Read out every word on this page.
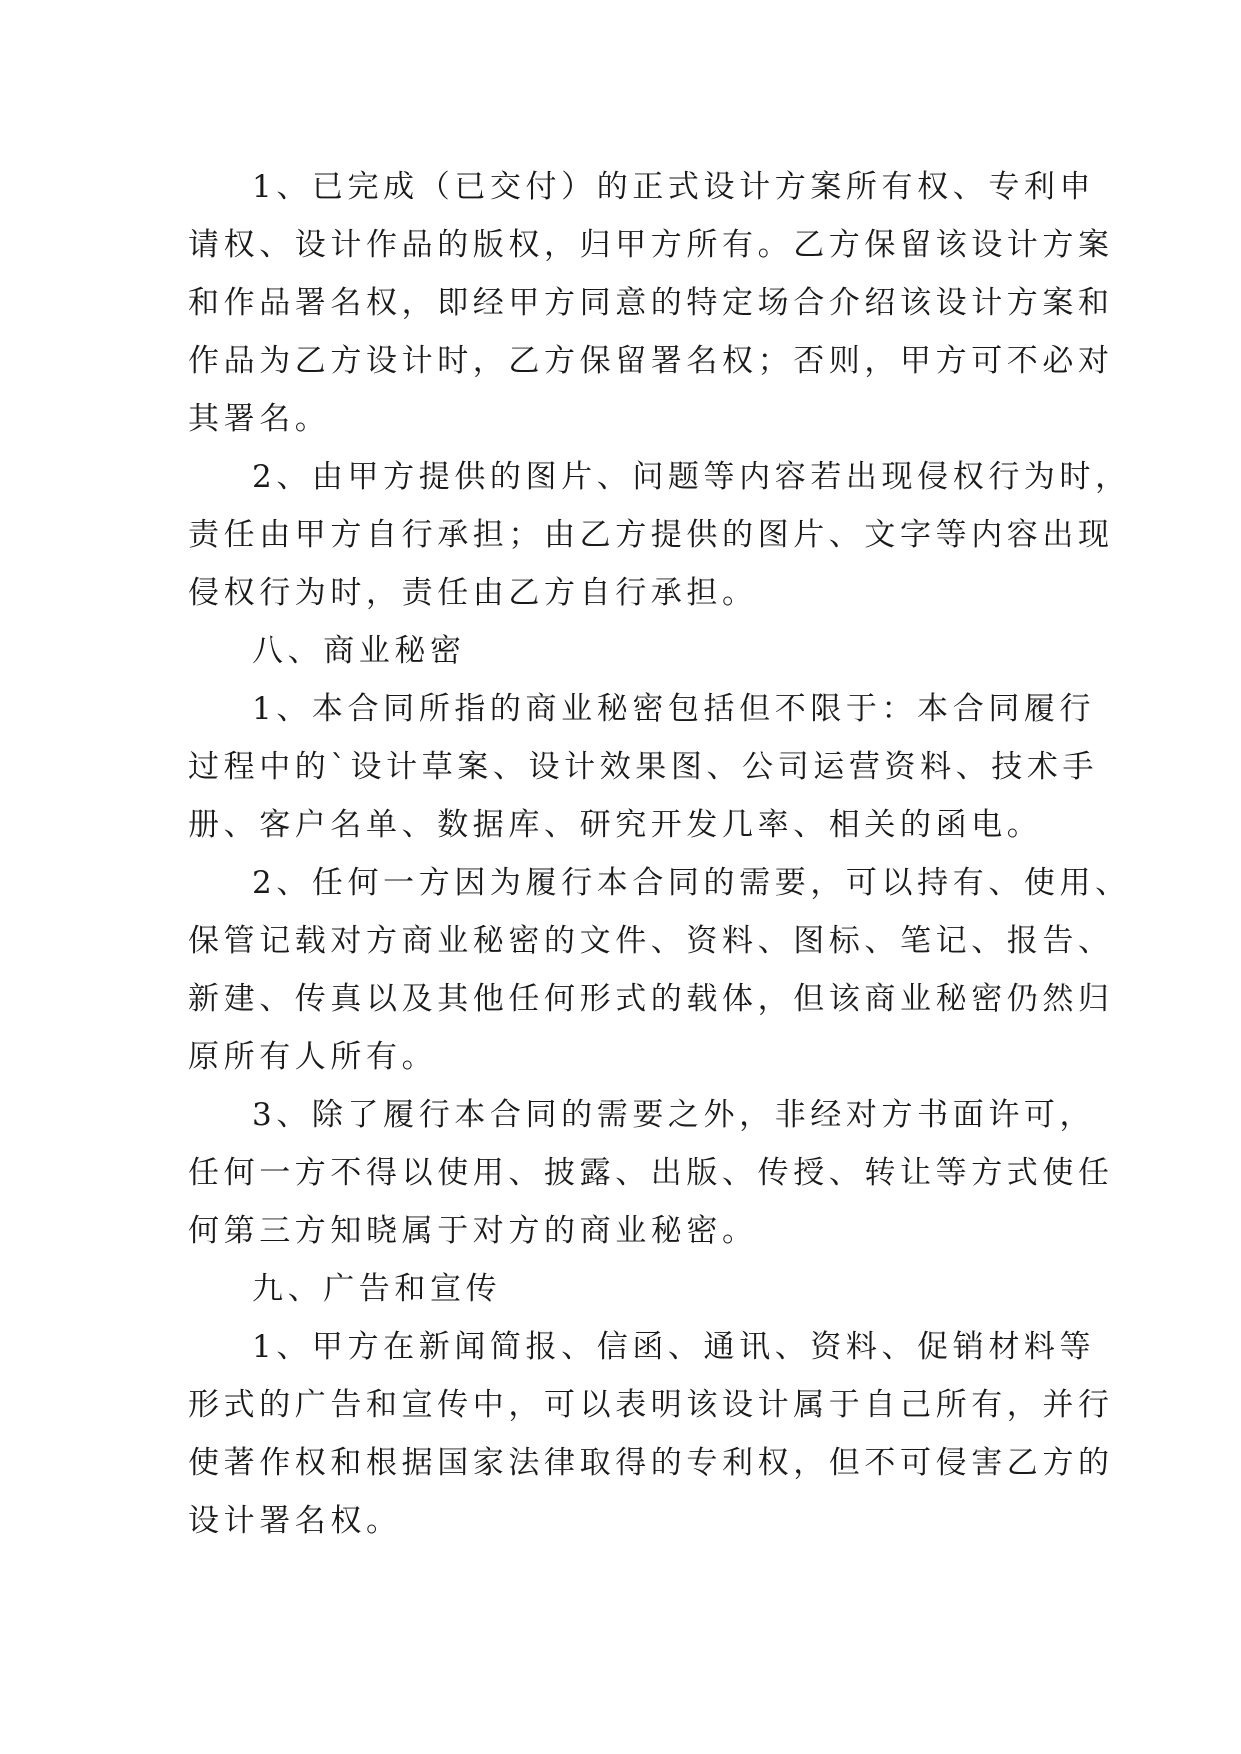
1、已完成（已交付）的正式设计方案所有权、专利申
请权、设计作品的版权，归甲方所有。乙方保留该设计方案
和作品署名权，即经甲方同意的特定场合介绍该设计方案和
作品为乙方设计时，乙方保留署名权；否则，甲方可不必对
其署名。
2、由甲方提供的图片、问题等内容若出现侵权行为时，
责任由甲方自行承担；由乙方提供的图片、文字等内容出现
侵权行为时，责任由乙方自行承担。
八、商业秘密
1、本合同所指的商业秘密包括但不限于：本合同履行
过程中的`设计草案、设计效果图、公司运营资料、技术手
册、客户名单、数据库、研究开发几率、相关的函电。
2、任何一方因为履行本合同的需要，可以持有、使用、
保管记载对方商业秘密的文件、资料、图标、笔记、报告、
新建、传真以及其他任何形式的载体，但该商业秘密仍然归
原所有人所有。
3、除了履行本合同的需要之外，非经对方书面许可，
任何一方不得以使用、披露、出版、传授、转让等方式使任
何第三方知晓属于对方的商业秘密。
九、广告和宣传
1、甲方在新闻简报、信函、通讯、资料、促销材料等
形式的广告和宣传中，可以表明该设计属于自己所有，并行
使著作权和根据国家法律取得的专利权，但不可侵害乙方的
设计署名权。
